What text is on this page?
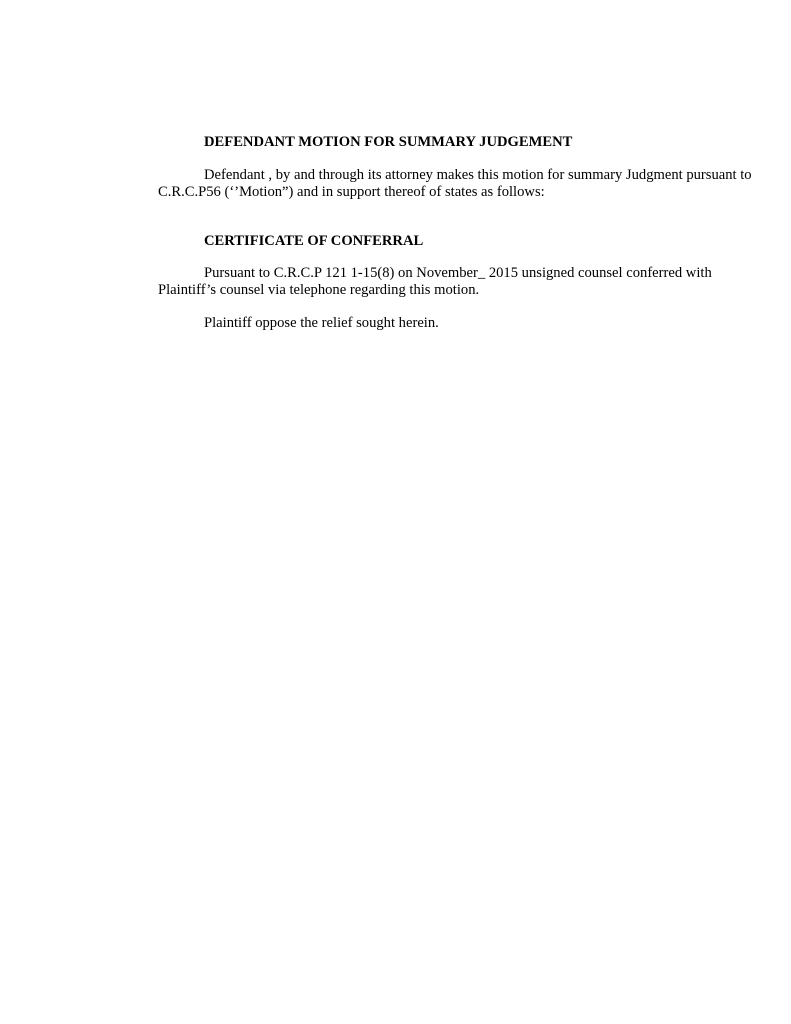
DEFENDANT MOTION FOR SUMMARY JUDGEMENT
Defendant , by and through its attorney makes this motion for summary Judgment pursuant to
C.R.C.P56 (‘’Motion”) and in support thereof of states as follows:
CERTIFICATE OF CONFERRAL
Pursuant to C.R.C.P 121 1-15(8) on November_ 2015 unsigned counsel conferred with
Plaintiff’s counsel via telephone regarding this motion.
Plaintiff oppose the relief sought herein.
